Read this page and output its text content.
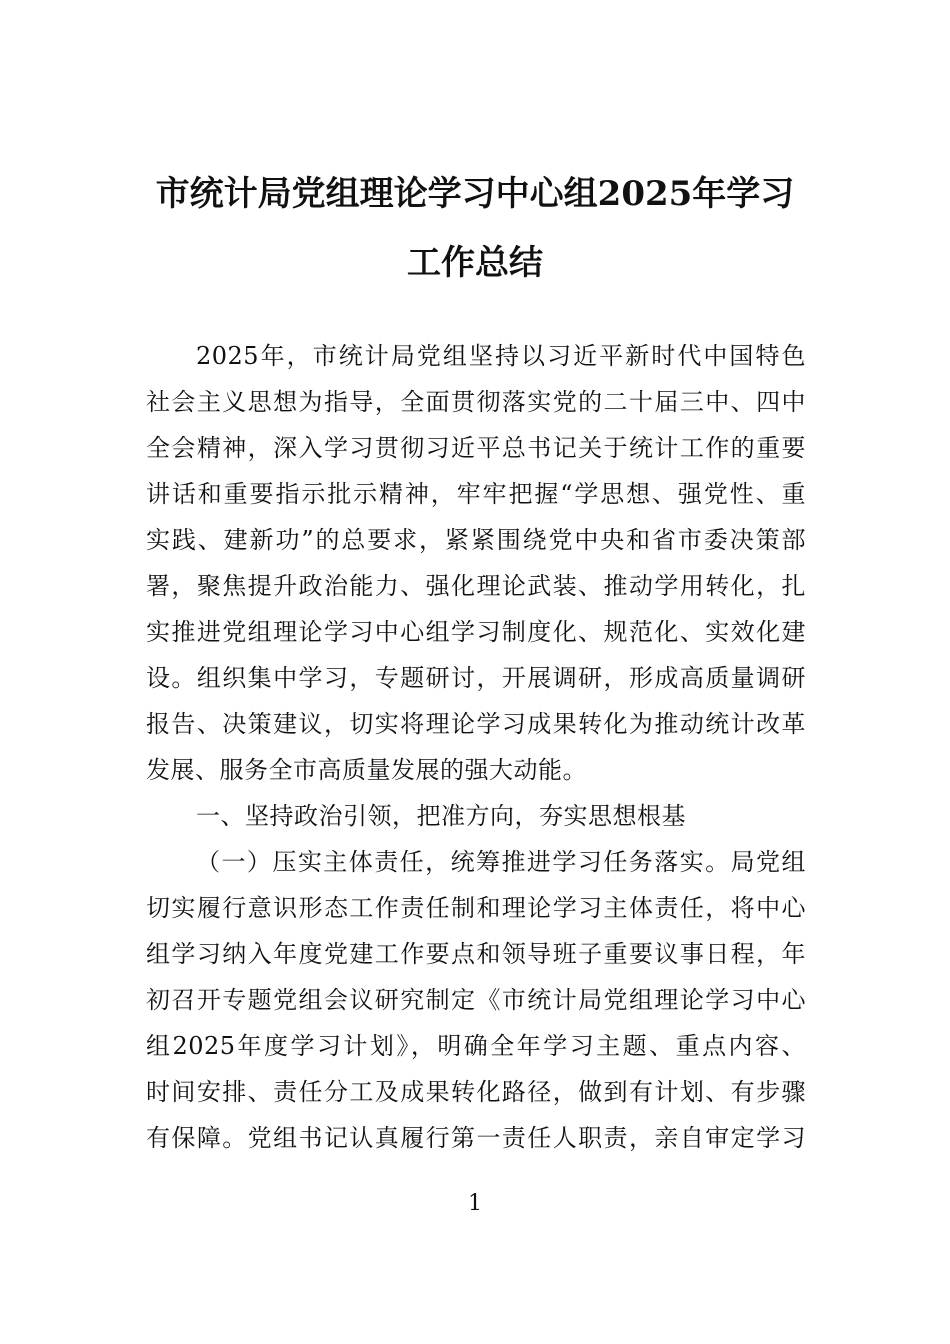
市统计局党组理论学习中心组2025年学习
工作总结
2025年，市统计局党组坚持以习近平新时代中国特色
社会主义思想为指导，全面贯彻落实党的二十届三中、四中
全会精神，深入学习贯彻习近平总书记关于统计工作的重要
讲话和重要指示批示精神，牢牢把握“学思想、强党性、重
实践、建新功”的总要求，紧紧围绕党中央和省市委决策部
署，聚焦提升政治能力、强化理论武装、推动学用转化，扎
实推进党组理论学习中心组学习制度化、规范化、实效化建
设。组织集中学习，专题研讨，开展调研，形成高质量调研
报告、决策建议，切实将理论学习成果转化为推动统计改革
发展、服务全市高质量发展的强大动能。
一、坚持政治引领，把准方向，夯实思想根基
（一）压实主体责任，统筹推进学习任务落实。局党组
切实履行意识形态工作责任制和理论学习主体责任，将中心
组学习纳入年度党建工作要点和领导班子重要议事日程，年
初召开专题党组会议研究制定《市统计局党组理论学习中心
组2025年度学习计划》，明确全年学习主题、重点内容、
时间安排、责任分工及成果转化路径，做到有计划、有步骤
有保障。党组书记认真履行第一责任人职责，亲自审定学习
1
